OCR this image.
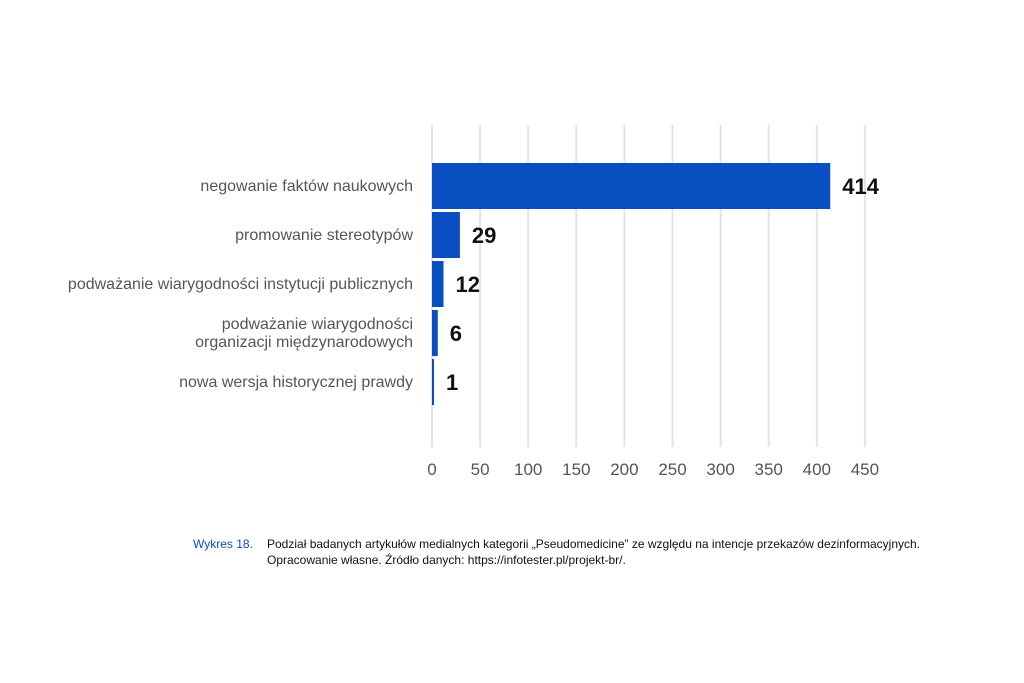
negowanie faktów naukowych
promowanie stereotypów
podważanie wiarygodności instytucji publicznych
podważanie wiarygodności
organizacji międzynarodowych
nowa wersja historycznej prawdy
414
29
12
6
1
0 50 100 150 200 250 300 350 400 450
Wykres 18. Podział badanych artykułów medialnych kategorii „Pseudomedicine” ze względu na intencje przekazów dezinformacyjnych.
Opracowanie własne. Źródło danych: https://infotester.pl/projekt-br/.
